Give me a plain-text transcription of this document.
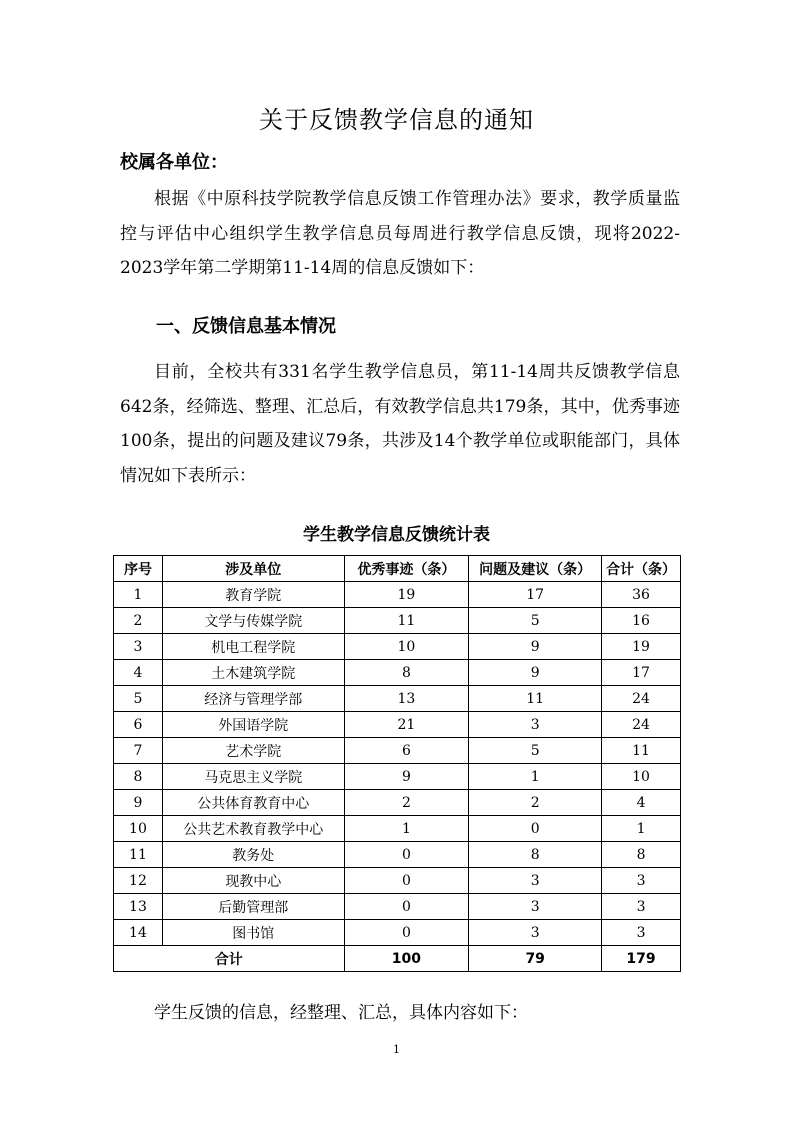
关于反馈教学信息的通知

校属各单位：

根据《中原科技学院教学信息反馈工作管理办法》要求，教学质量监控与评估中心组织学生教学信息员每周进行教学信息反馈，现将2022-2023学年第二学期第11-14周的信息反馈如下：

一、反馈信息基本情况

目前，全校共有331名学生教学信息员，第11-14周共反馈教学信息642条，经筛选、整理、汇总后，有效教学信息共179条，其中，优秀事迹100条，提出的问题及建议79条，共涉及14个教学单位或职能部门，具体情况如下表所示：

学生教学信息反馈统计表

序号	涉及单位	优秀事迹（条）	问题及建议（条）	合计（条）
1	教育学院	19	17	36
2	文学与传媒学院	11	5	16
3	机电工程学院	10	9	19
4	土木建筑学院	8	9	17
5	经济与管理学部	13	11	24
6	外国语学院	21	3	24
7	艺术学院	6	5	11
8	马克思主义学院	9	1	10
9	公共体育教育中心	2	2	4
10	公共艺术教育教学中心	1	0	1
11	教务处	0	8	8
12	现教中心	0	3	3
13	后勤管理部	0	3	3
14	图书馆	0	3	3
合计		100	79	179

学生反馈的信息，经整理、汇总，具体内容如下：

1
